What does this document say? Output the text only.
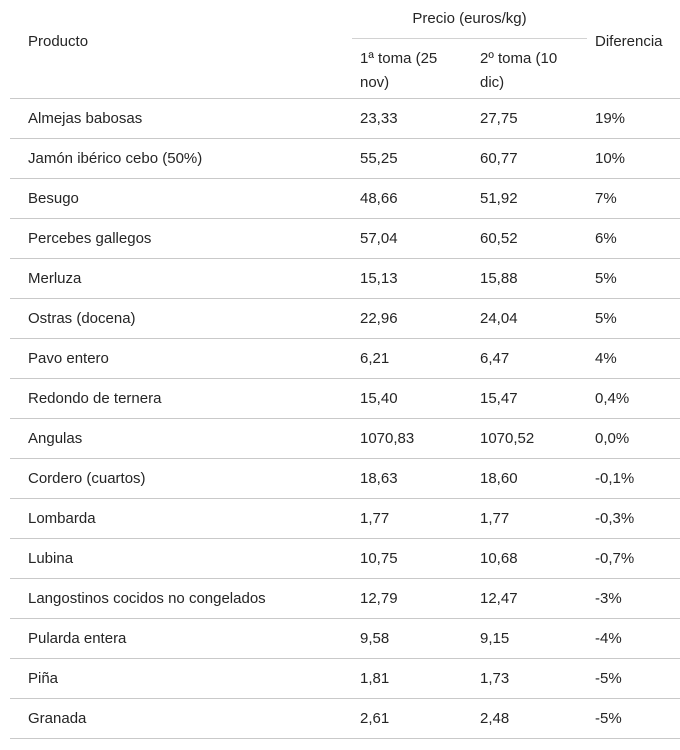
Producto	Precio (euros/kg)		Diferencia
	1ª toma (25 nov)	2º toma (10 dic)	
Almejas babosas	23,33	27,75	19%
Jamón ibérico cebo (50%)	55,25	60,77	10%
Besugo	48,66	51,92	7%
Percebes gallegos	57,04	60,52	6%
Merluza	15,13	15,88	5%
Ostras (docena)	22,96	24,04	5%
Pavo entero	6,21	6,47	4%
Redondo de ternera	15,40	15,47	0,4%
Angulas	1070,83	1070,52	0,0%
Cordero (cuartos)	18,63	18,60	-0,1%
Lombarda	1,77	1,77	-0,3%
Lubina	10,75	10,68	-0,7%
Langostinos cocidos no congelados	12,79	12,47	-3%
Pularda entera	9,58	9,15	-4%
Piña	1,81	1,73	-5%
Granada	2,61	2,48	-5%
